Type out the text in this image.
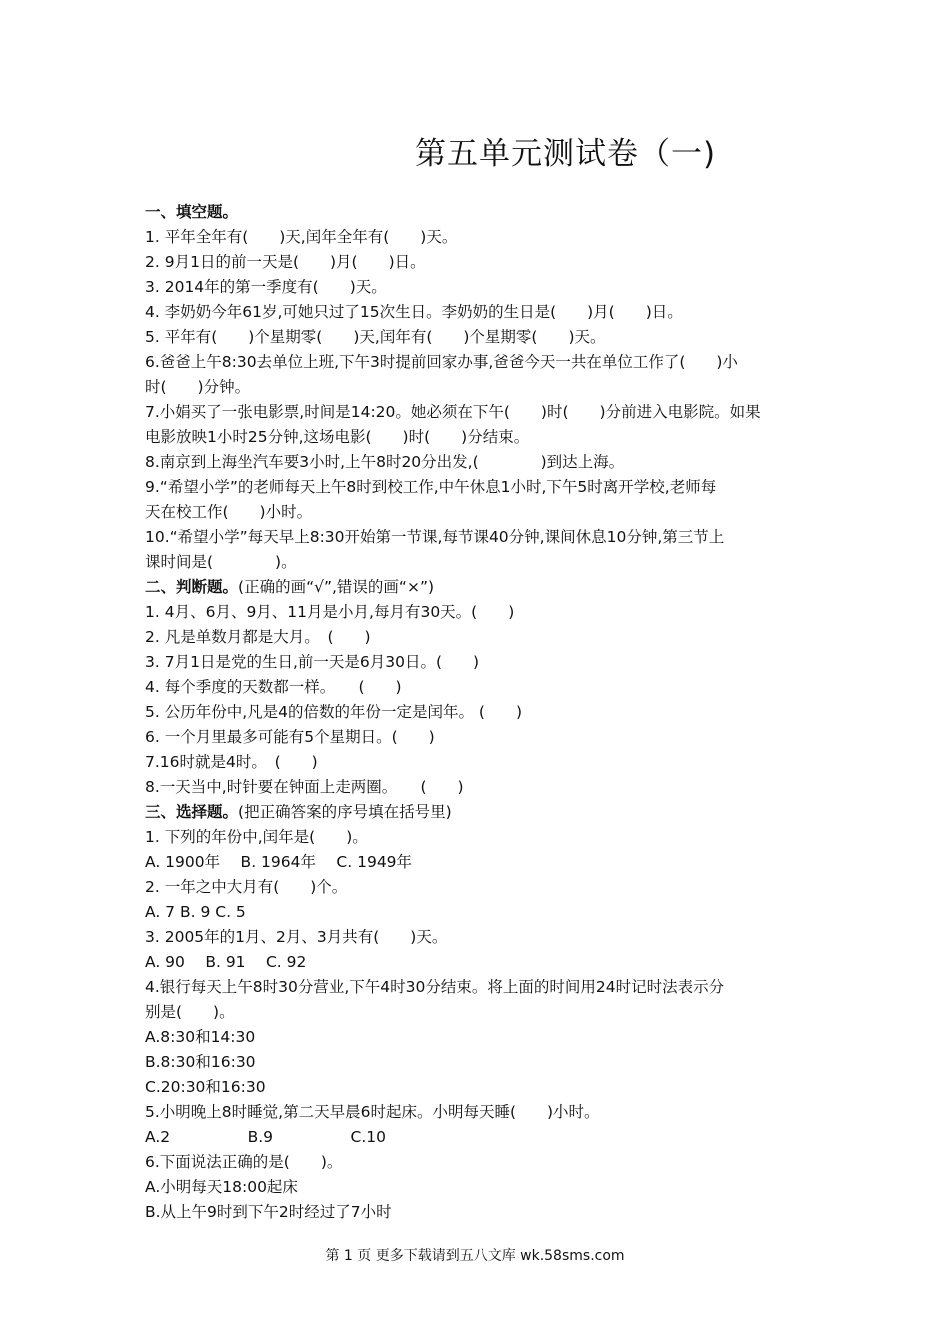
第五单元测试卷（一)
一、填空题。
1. 平年全年有(　　)天,闰年全年有(　　)天。
2. 9月1日的前一天是(　　)月(　　)日。
3. 2014年的第一季度有(　　)天。
4. 李奶奶今年61岁,可她只过了15次生日。李奶奶的生日是(　　)月(　　)日。
5. 平年有(　　)个星期零(　　)天,闰年有(　　)个星期零(　　)天。
6.爸爸上午8:30去单位上班,下午3时提前回家办事,爸爸今天一共在单位工作了(　　)小
时(　　)分钟。
7.小娟买了一张电影票,时间是14:20。她必须在下午(　　)时(　　)分前进入电影院。如果
电影放映1小时25分钟,这场电影(　　)时(　　)分结束。
8.南京到上海坐汽车要3小时,上午8时20分出发,(　　　　)到达上海。
9.“希望小学”的老师每天上午8时到校工作,中午休息1小时,下午5时离开学校,老师每
天在校工作(　　)小时。
10.“希望小学”每天早上8:30开始第一节课,每节课40分钟,课间休息10分钟,第三节上
课时间是(　　　　)。
二、判断题。(正确的画“√”,错误的画“×”)
1. 4月、6月、9月、11月是小月,每月有30天。(　　)
2. 凡是单数月都是大月。　(　　)
3. 7月1日是党的生日,前一天是6月30日。(　　)
4. 每个季度的天数都一样。　　(　　)
5. 公历年份中,凡是4的倍数的年份一定是闰年。 (　　)
6. 一个月里最多可能有5个星期日。(　　)
7.16时就是4时。　(　　)
8.一天当中,时针要在钟面上走两圈。　　(　　)
三、选择题。(把正确答案的序号填在括号里)
1. 下列的年份中,闰年是(　　)。
A. 1900年　 B. 1964年　 C. 1949年
2. 一年之中大月有(　　)个。
A. 7 B. 9 C. 5
3. 2005年的1月、2月、3月共有(　　)天。
A. 90　 B. 91　 C. 92
4.银行每天上午8时30分营业,下午4时30分结束。将上面的时间用24时记时法表示分
别是(　　)。
A.8:30和14:30
B.8:30和16:30
C.20:30和16:30
5.小明晚上8时睡觉,第二天早晨6时起床。小明每天睡(　　)小时。
A.2　　　　　B.9　　　　　C.10
6.下面说法正确的是(　　)。
A.小明每天18:00起床
B.从上午9时到下午2时经过了7小时
第 1 页 更多下载请到五八文库 wk.58sms.com
